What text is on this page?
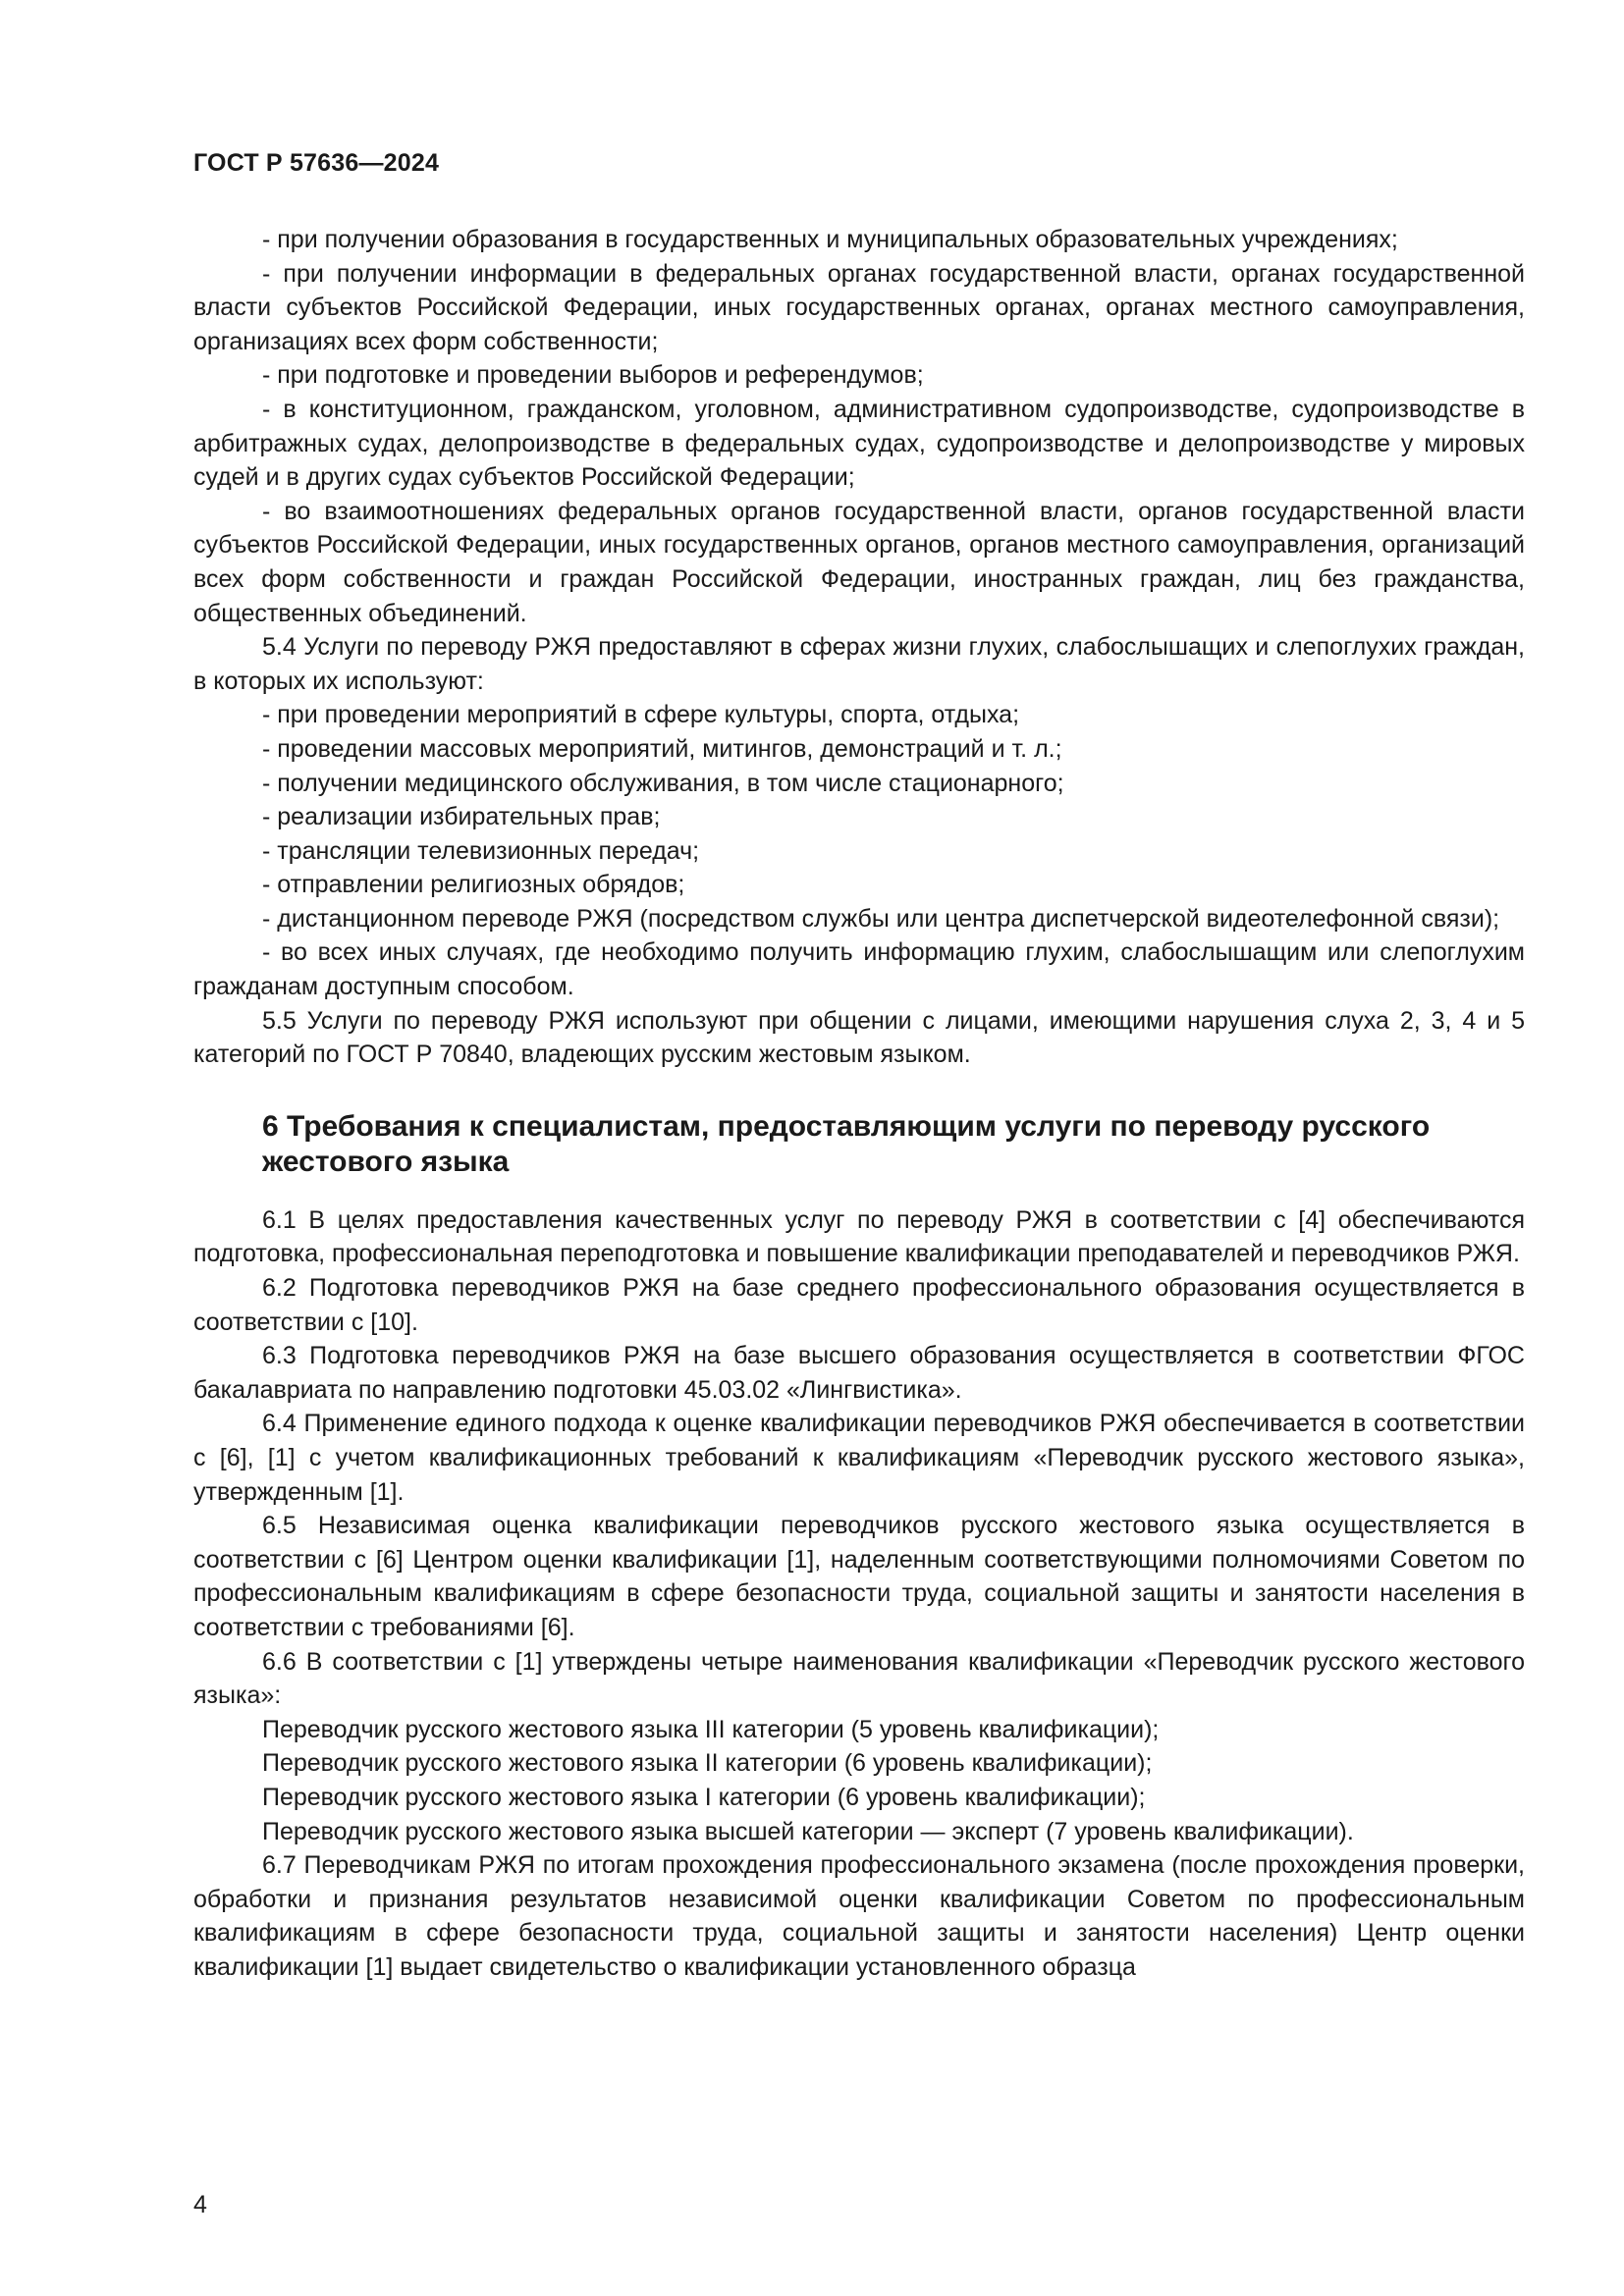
ГОСТ Р 57636—2024

- при получении образования в государственных и муниципальных образовательных учреждениях;

- при получении информации в федеральных органах государственной власти, органах государственной власти субъектов Российской Федерации, иных государственных органах, органах местного самоуправления, организациях всех форм собственности;

- при подготовке и проведении выборов и референдумов;

- в конституционном, гражданском, уголовном, административном судопроизводстве, судопроизводстве в арбитражных судах, делопроизводстве в федеральных судах, судопроизводстве и делопроизводстве у мировых судей и в других судах субъектов Российской Федерации;

- во взаимоотношениях федеральных органов государственной власти, органов государственной власти субъектов Российской Федерации, иных государственных органов, органов местного самоуправления, организаций всех форм собственности и граждан Российской Федерации, иностранных граждан, лиц без гражданства, общественных объединений.

5.4 Услуги по переводу РЖЯ предоставляют в сферах жизни глухих, слабослышащих и слепоглухих граждан, в которых их используют:

- при проведении мероприятий в сфере культуры, спорта, отдыха;

- проведении массовых мероприятий, митингов, демонстраций и т. л.;

- получении медицинского обслуживания, в том числе стационарного;

- реализации избирательных прав;

- трансляции телевизионных передач;

- отправлении религиозных обрядов;

- дистанционном переводе РЖЯ (посредством службы или центра диспетчерской видеотелефонной связи);

- во всех иных случаях, где необходимо получить информацию глухим, слабослышащим или слепоглухим гражданам доступным способом.

5.5 Услуги по переводу РЖЯ используют при общении с лицами, имеющими нарушения слуха 2, 3, 4 и 5 категорий по ГОСТ Р 70840, владеющих русским жестовым языком.

6 Требования к специалистам, предоставляющим услуги по переводу русского жестового языка

6.1 В целях предоставления качественных услуг по переводу РЖЯ в соответствии с [4] обеспечиваются подготовка, профессиональная переподготовка и повышение квалификации преподавателей и переводчиков РЖЯ.

6.2 Подготовка переводчиков РЖЯ на базе среднего профессионального образования осуществляется в соответствии с [10].

6.3 Подготовка переводчиков РЖЯ на базе высшего образования осуществляется в соответствии ФГОС бакалавриата по направлению подготовки 45.03.02 «Лингвистика».

6.4 Применение единого подхода к оценке квалификации переводчиков РЖЯ обеспечивается в соответствии с [6], [1] с учетом квалификационных требований к квалификациям «Переводчик русского жестового языка», утвержденным [1].

6.5 Независимая оценка квалификации переводчиков русского жестового языка осуществляется в соответствии с [6] Центром оценки квалификации [1], наделенным соответствующими полномочиями Советом по профессиональным квалификациям в сфере безопасности труда, социальной защиты и занятости населения в соответствии с требованиями [6].

6.6 В соответствии с [1] утверждены четыре наименования квалификации «Переводчик русского жестового языка»:

Переводчик русского жестового языка III категории (5 уровень квалификации);

Переводчик русского жестового языка II категории (6 уровень квалификации);

Переводчик русского жестового языка I категории (6 уровень квалификации);

Переводчик русского жестового языка высшей категории — эксперт (7 уровень квалификации).

6.7 Переводчикам РЖЯ по итогам прохождения профессионального экзамена (после прохождения проверки, обработки и признания результатов независимой оценки квалификации Советом по профессиональным квалификациям в сфере безопасности труда, социальной защиты и занятости населения) Центр оценки квалификации [1] выдает свидетельство о квалификации установленного образца

4
